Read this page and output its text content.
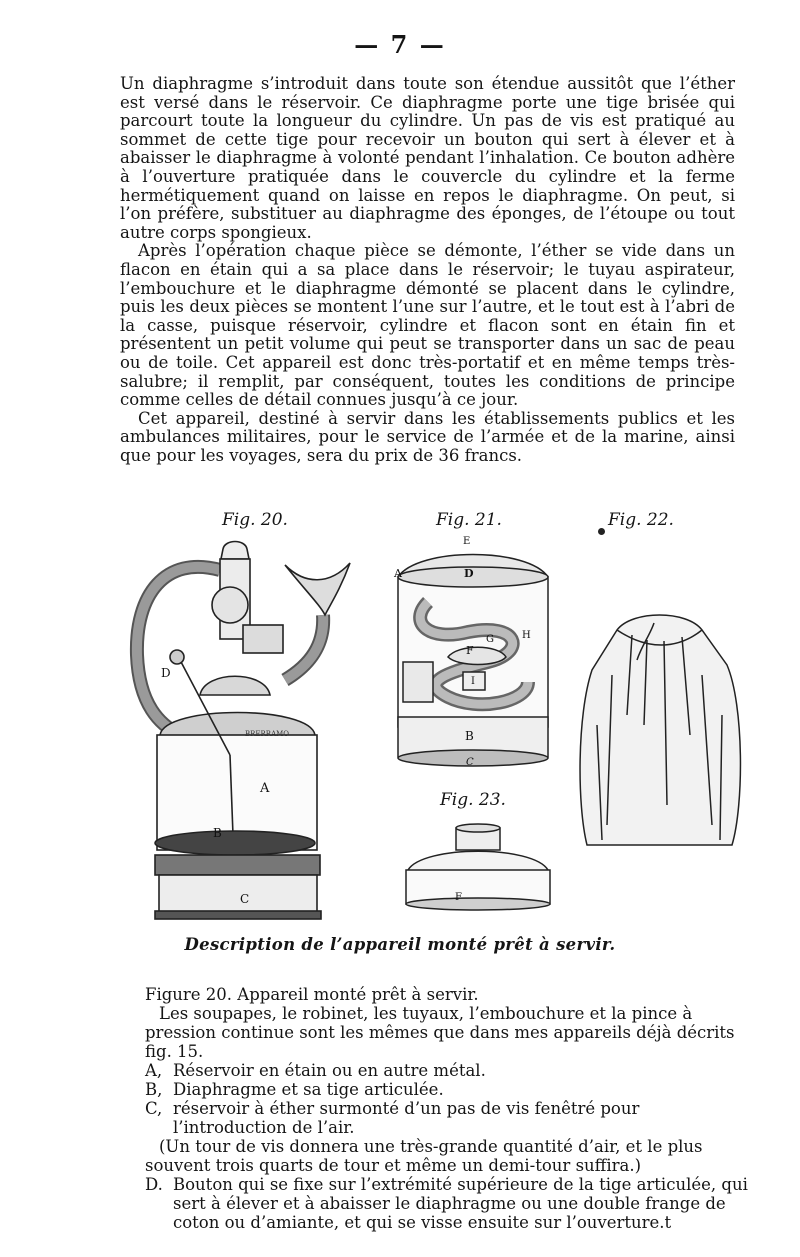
— 7 —

Un diaphragme s’introduit dans toute son étendue aussitôt que l’éther est versé dans le réservoir. Ce diaphragme porte une tige brisée qui parcourt toute la longueur du cylindre. Un pas de vis est pratiqué au sommet de cette tige pour recevoir un bouton qui sert à élever et à abaisser le diaphragme à volonté pendant l’inhalation. Ce bouton adhère à l’ouverture pratiquée dans le couvercle du cylindre et la ferme hermétiquement quand on laisse en repos le diaphragme. On peut, si l’on préfère, substituer au diaphragme des éponges, de l’étoupe ou tout autre corps spongieux.

Après l’opération chaque pièce se démonte, l’éther se vide dans un flacon en étain qui a sa place dans le réservoir; le tuyau aspirateur, l’embouchure et le diaphragme démonté se placent dans le cylindre, puis les deux pièces se montent l’une sur l’autre, et le tout est à l’abri de la casse, puisque réservoir, cylindre et flacon sont en étain fin et présentent un petit volume qui peut se transporter dans un sac de peau ou de toile. Cet appareil est donc très-portatif et en même temps très-salubre; il remplit, par conséquent, toutes les conditions de principe comme celles de détail connues jusqu’à ce jour.

Cet appareil, destiné à servir dans les établissements publics et les ambulances militaires, pour le service de l’armée et de la marine, ainsi que pour les voyages, sera du prix de 36 francs.

Fig. 20.	Fig. 21.	Fig. 22.
Fig. 23.
BRERRAMO
A
B
C
D
E
A	D
G	H
F
I
B
C
F
Description de l’appareil monté prêt à servir.

Figure 20. Appareil monté prêt à servir.

Les soupapes, le robinet, les tuyaux, l’embouchure et la pince à pression continue sont les mêmes que dans mes appareils déjà décrits fig. 15.

A, Réservoir en étain ou en autre métal.
B, Diaphragme et sa tige articulée.
C, réservoir à éther surmonté d’un pas de vis fenêtré pour l’introduction de l’air.

(Un tour de vis donnera une très-grande quantité d’air, et le plus souvent trois quarts de tour et même un demi-tour suffira.)

D. Bouton qui se fixe sur l’extrémité supérieure de la tige articulée, qui sert à élever et à abaisser le diaphragme ou une double frange de coton ou d’amiante, et qui se visse ensuite sur l’ouverture.t
